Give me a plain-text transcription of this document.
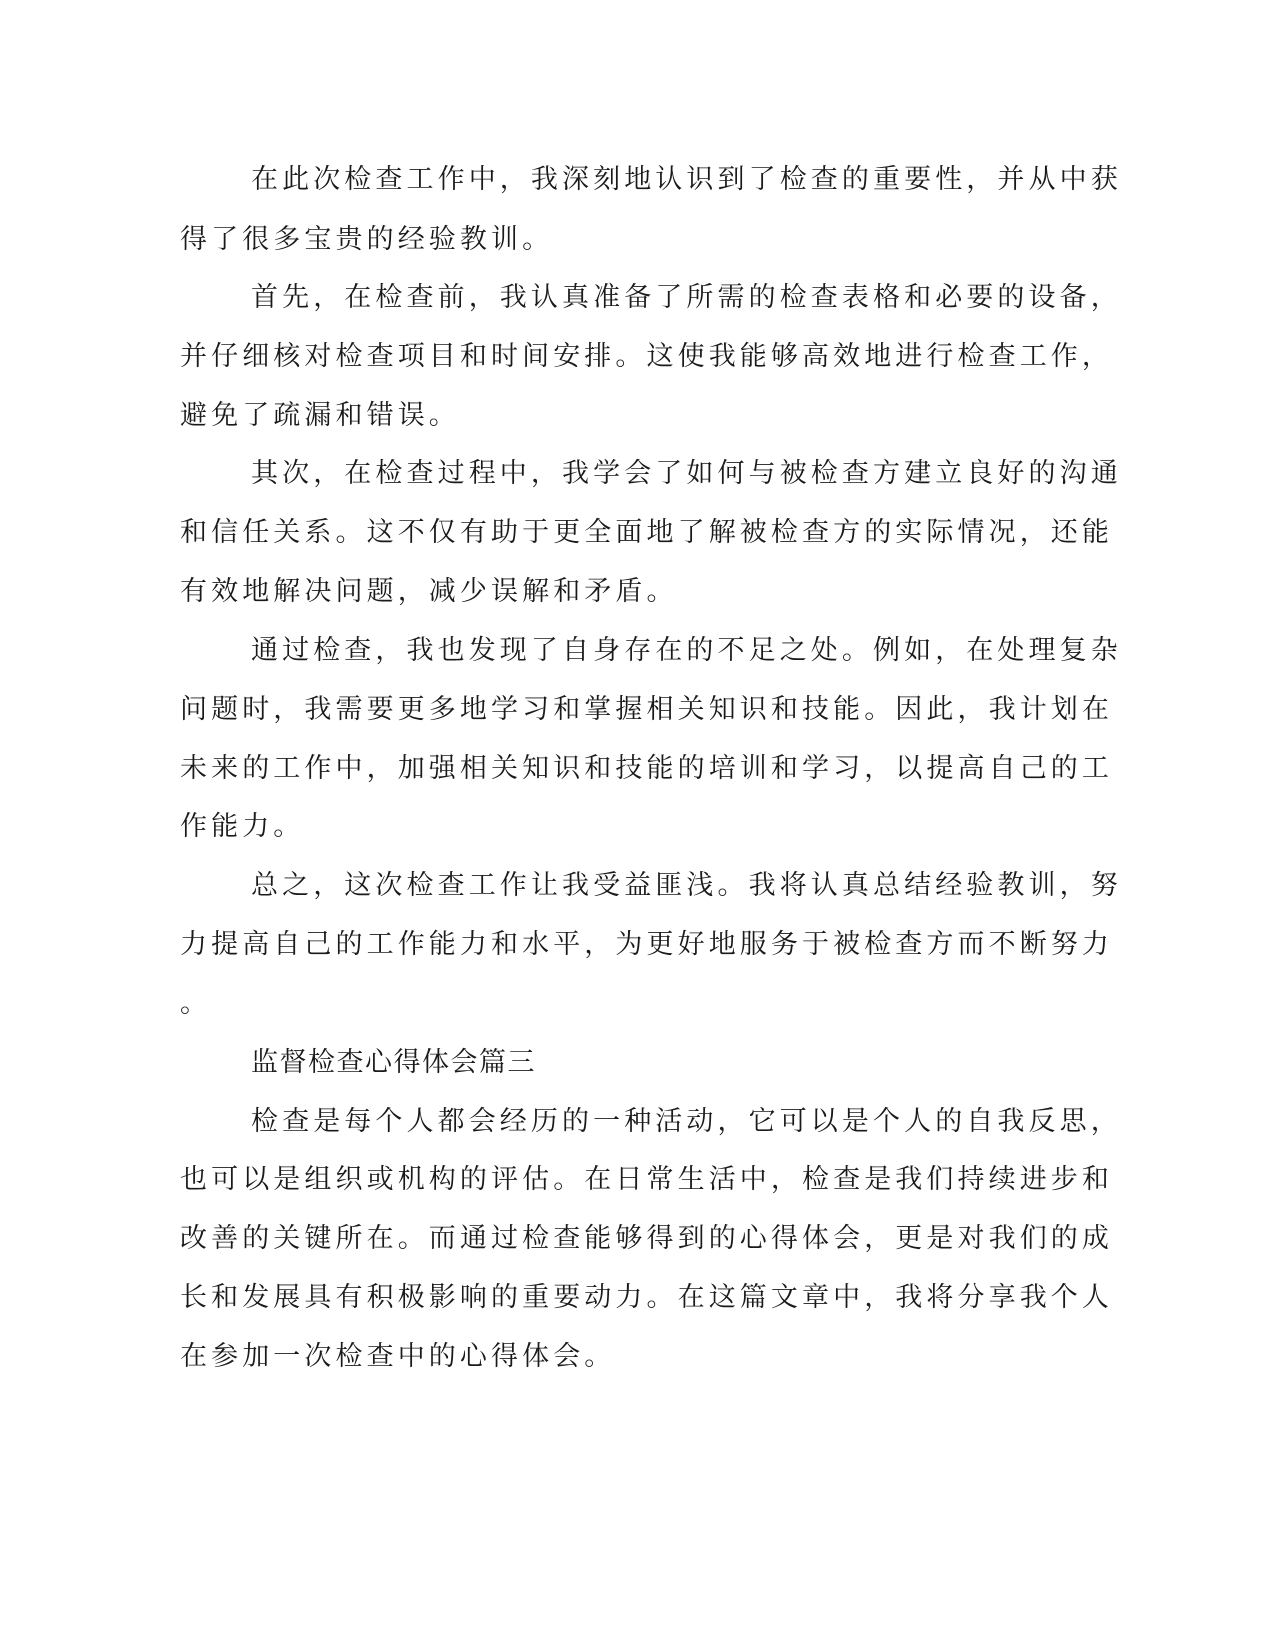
在此次检查工作中，我深刻地认识到了检查的重要性，并从中获

得了很多宝贵的经验教训。

首先，在检查前，我认真准备了所需的检查表格和必要的设备，

并仔细核对检查项目和时间安排。这使我能够高效地进行检查工作，

避免了疏漏和错误。

其次，在检查过程中，我学会了如何与被检查方建立良好的沟通

和信任关系。这不仅有助于更全面地了解被检查方的实际情况，还能

有效地解决问题，减少误解和矛盾。

通过检查，我也发现了自身存在的不足之处。例如，在处理复杂

问题时，我需要更多地学习和掌握相关知识和技能。因此，我计划在

未来的工作中，加强相关知识和技能的培训和学习，以提高自己的工

作能力。

总之，这次检查工作让我受益匪浅。我将认真总结经验教训，努

力提高自己的工作能力和水平，为更好地服务于被检查方而不断努力

。

监督检查心得体会篇三

检查是每个人都会经历的一种活动，它可以是个人的自我反思，

也可以是组织或机构的评估。在日常生活中，检查是我们持续进步和

改善的关键所在。而通过检查能够得到的心得体会，更是对我们的成

长和发展具有积极影响的重要动力。在这篇文章中，我将分享我个人

在参加一次检查中的心得体会。
